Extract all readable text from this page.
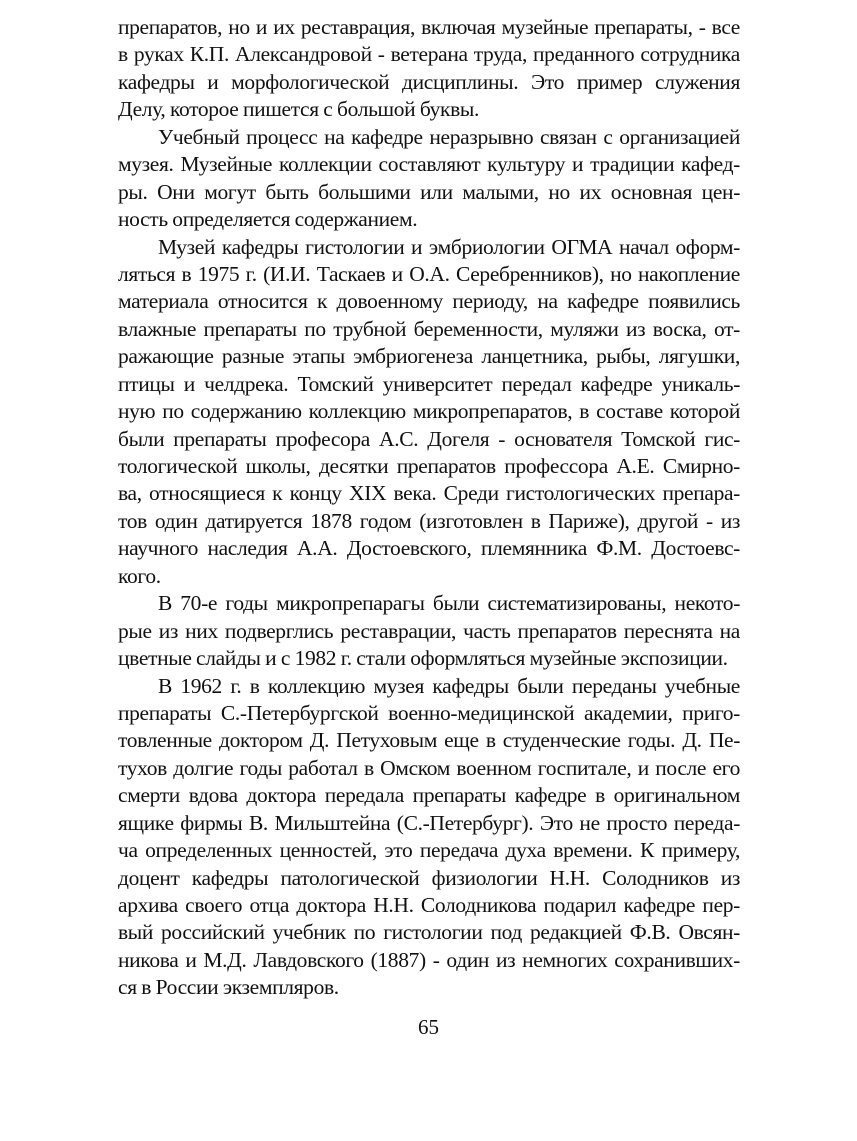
препаратов, но и их реставрация, включая музейные препараты, - все
в руках К.П. Александровой - ветерана труда, преданного сотрудника
кафедры и морфологической дисциплины. Это пример служения
Делу, которое пишется с большой буквы.
Учебный процесс на кафедре неразрывно связан с организацией
музея. Музейные коллекции составляют культуру и традиции кафед-
ры. Они могут быть большими или малыми, но их основная цен-
ность определяется содержанием.
Музей кафедры гистологии и эмбриологии ОГМА начал оформ-
ляться в 1975 г. (И.И. Таскаев и О.А. Серебренников), но накопление
материала относится к довоенному периоду, на кафедре появились
влажные препараты по трубной беременности, муляжи из воска, от-
ражающие разные этапы эмбриогенеза ланцетника, рыбы, лягушки,
птицы и челдрека. Томский университет передал кафедре уникаль-
ную по содержанию коллекцию микропрепаратов, в составе которой
были препараты професора А.С. Догеля - основателя Томской гис-
тологической школы, десятки препаратов профессора А.Е. Смирно-
ва, относящиеся к концу XIX века. Среди гистологических препара-
тов один датируется 1878 годом (изготовлен в Париже), другой - из
научного наследия А.А. Достоевского, племянника Ф.М. Достоевс-
кого.
В 70-е годы микропрепарагы были систематизированы, некото-
рые из них подверглись реставрации, часть препаратов переснята на
цветные слайды и с 1982 г. стали оформляться музейные экспозиции.
В 1962 г. в коллекцию музея кафедры были переданы учебные
препараты С.-Петербургской военно-медицинской академии, приго-
товленные доктором Д. Петуховым еще в студенческие годы. Д. Пе-
тухов долгие годы работал в Омском военном госпитале, и после его
смерти вдова доктора передала препараты кафедре в оригинальном
ящике фирмы В. Мильштейна (С.-Петербург). Это не просто переда-
ча определенных ценностей, это передача духа времени. К примеру,
доцент кафедры патологической физиологии Н.Н. Солодников из
архива своего отца доктора Н.Н. Солодникова подарил кафедре пер-
вый российский учебник по гистологии под редакцией Ф.В. Овсян-
никова и М.Д. Лавдовского (1887) - один из немногих сохранивших-
ся в России экземпляров.
65
